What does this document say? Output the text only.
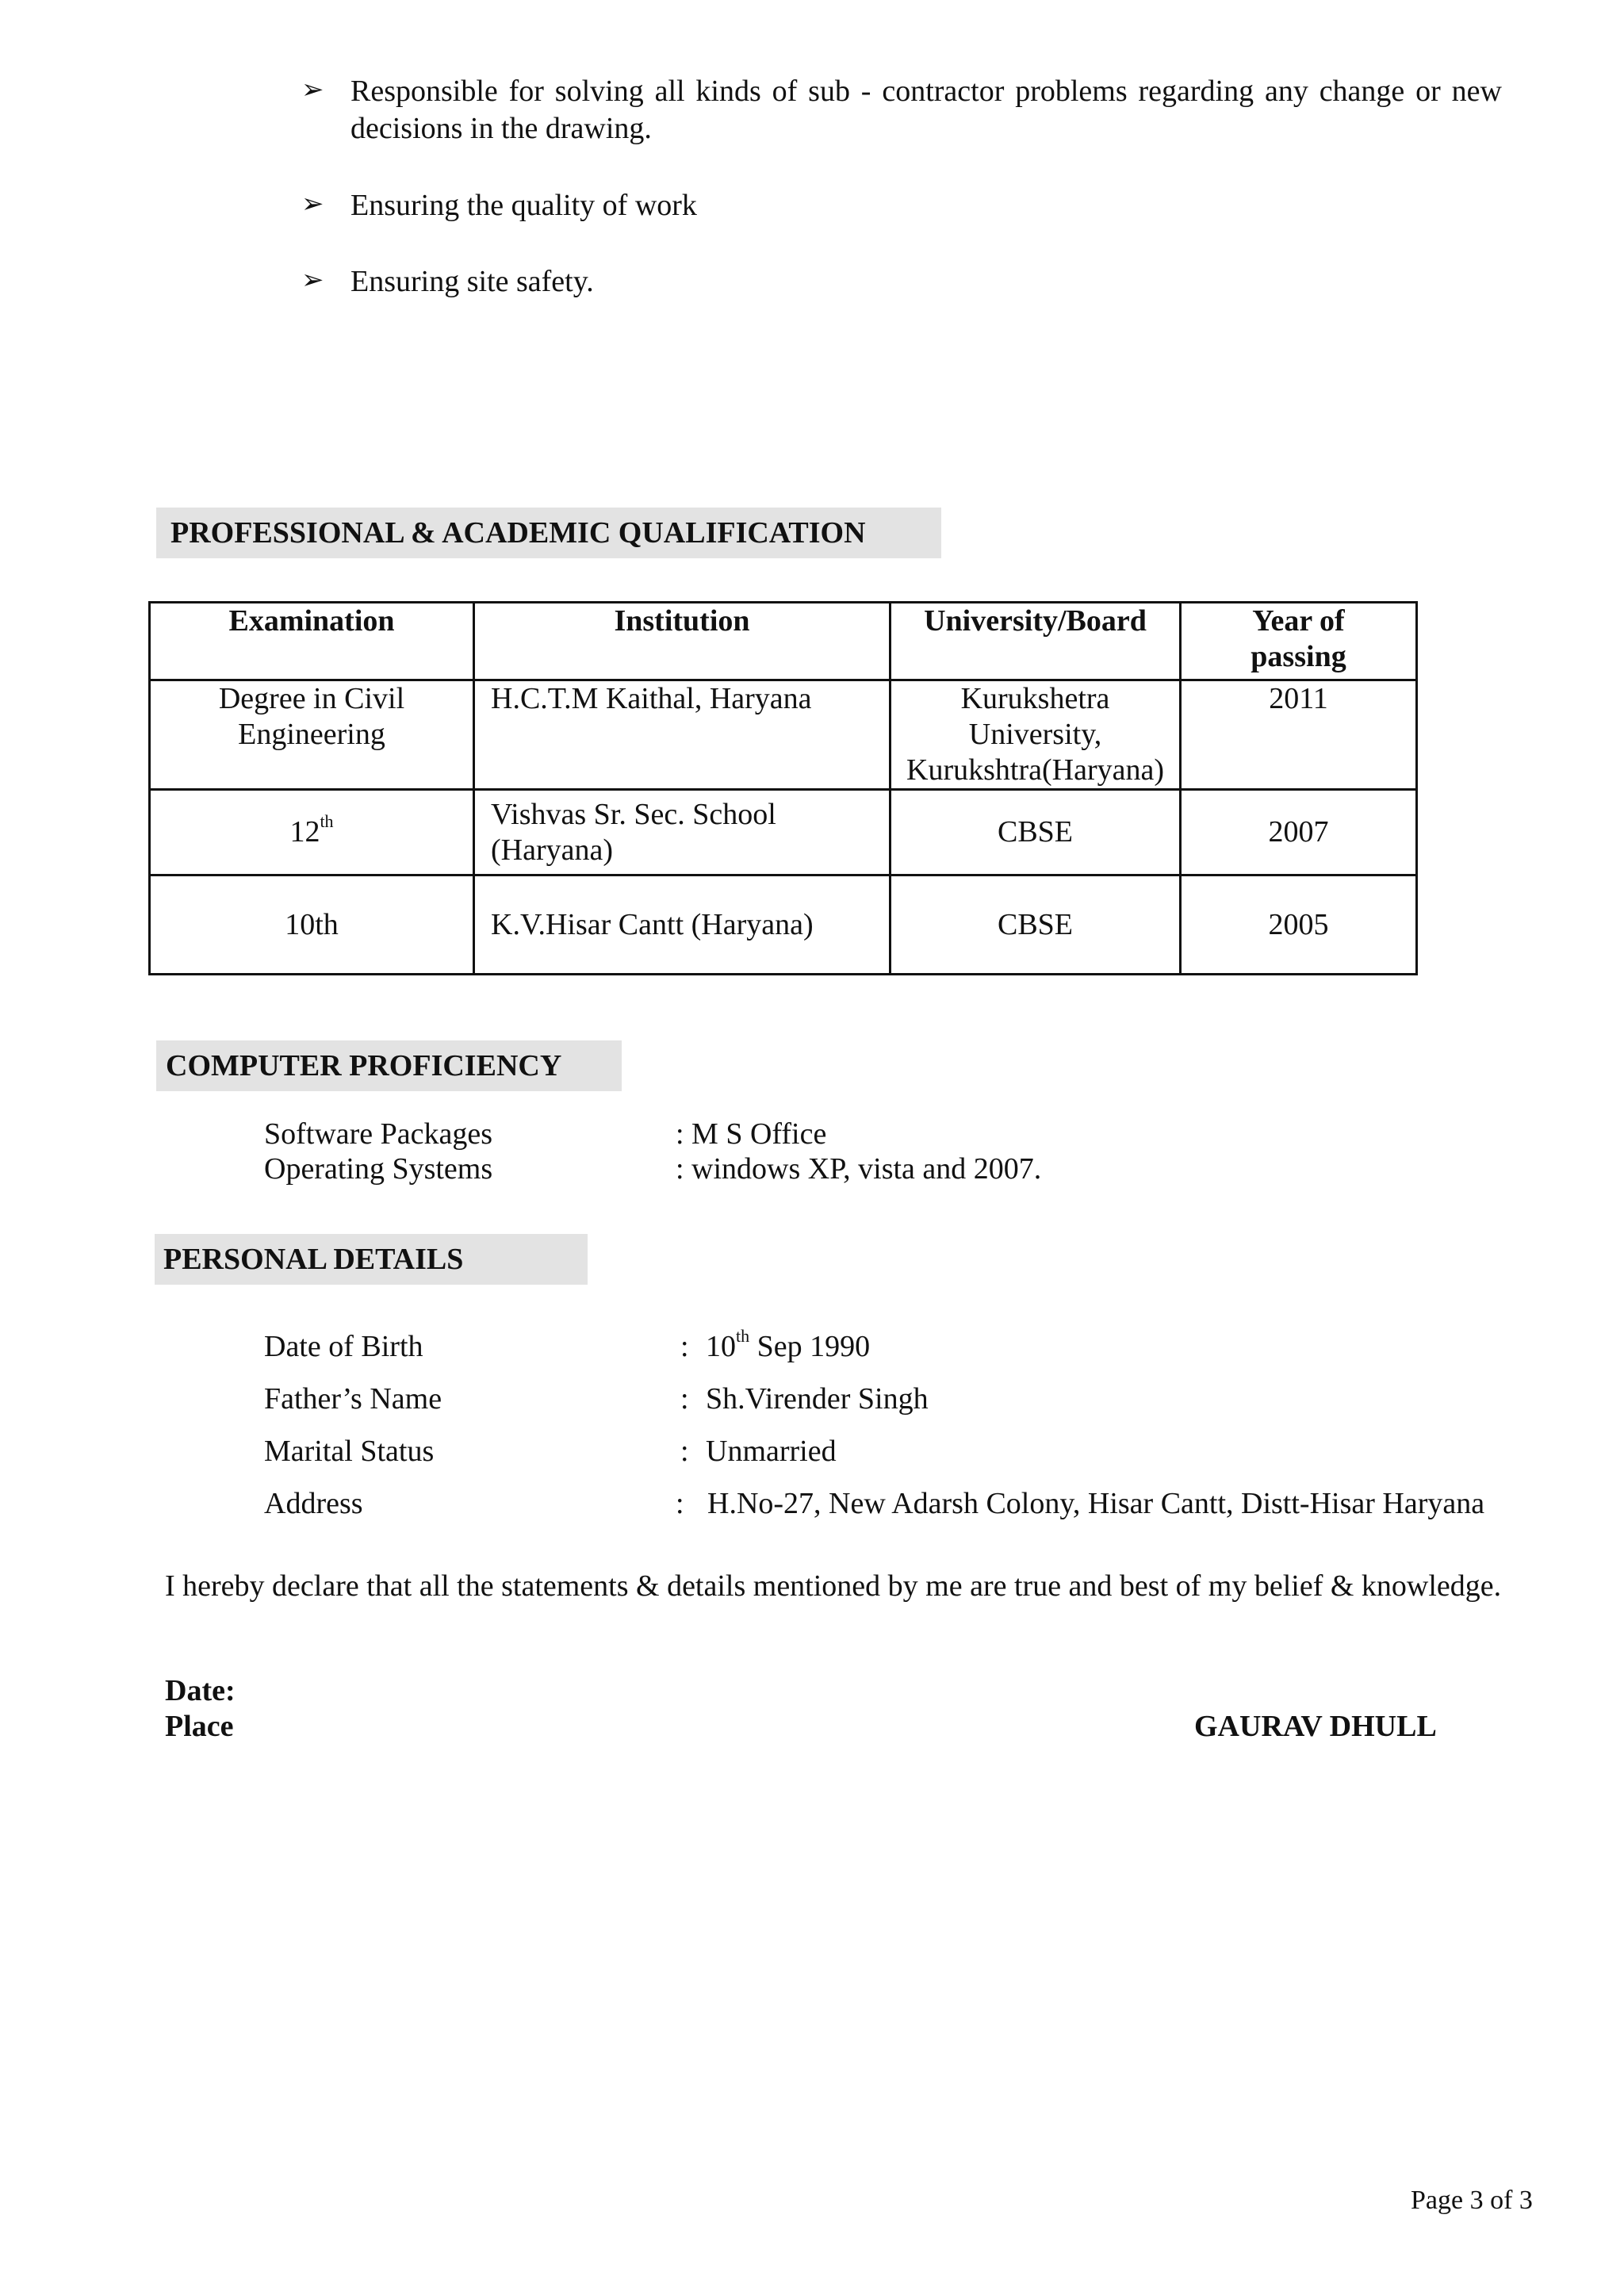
➢ Responsible for solving all kinds of sub - contractor problems regarding any change or new decisions in the drawing.
➢ Ensuring the quality of work
➢ Ensuring site safety.
PROFESSIONAL & ACADEMIC QUALIFICATION
Examination	Institution	University/Board	Year of passing
Degree in Civil Engineering	H.C.T.M Kaithal, Haryana	Kurukshetra University, Kurukshtra(Haryana)	2011
12th	Vishvas Sr. Sec. School (Haryana)	CBSE	2007
10th	K.V.Hisar Cantt (Haryana)	CBSE	2005
COMPUTER PROFICIENCY
Software Packages	: M S Office
Operating Systems	: windows XP, vista and 2007.
PERSONAL DETAILS
Date of Birth	: 10th Sep 1990
Father’s Name	: Sh.Virender Singh
Marital Status	: Unmarried
Address	: H.No-27, New Adarsh Colony, Hisar Cantt, Distt-Hisar Haryana
I hereby declare that all the statements & details mentioned by me are true and best of my belief & knowledge.
Date:
Place	GAURAV DHULL
Page 3 of 3
